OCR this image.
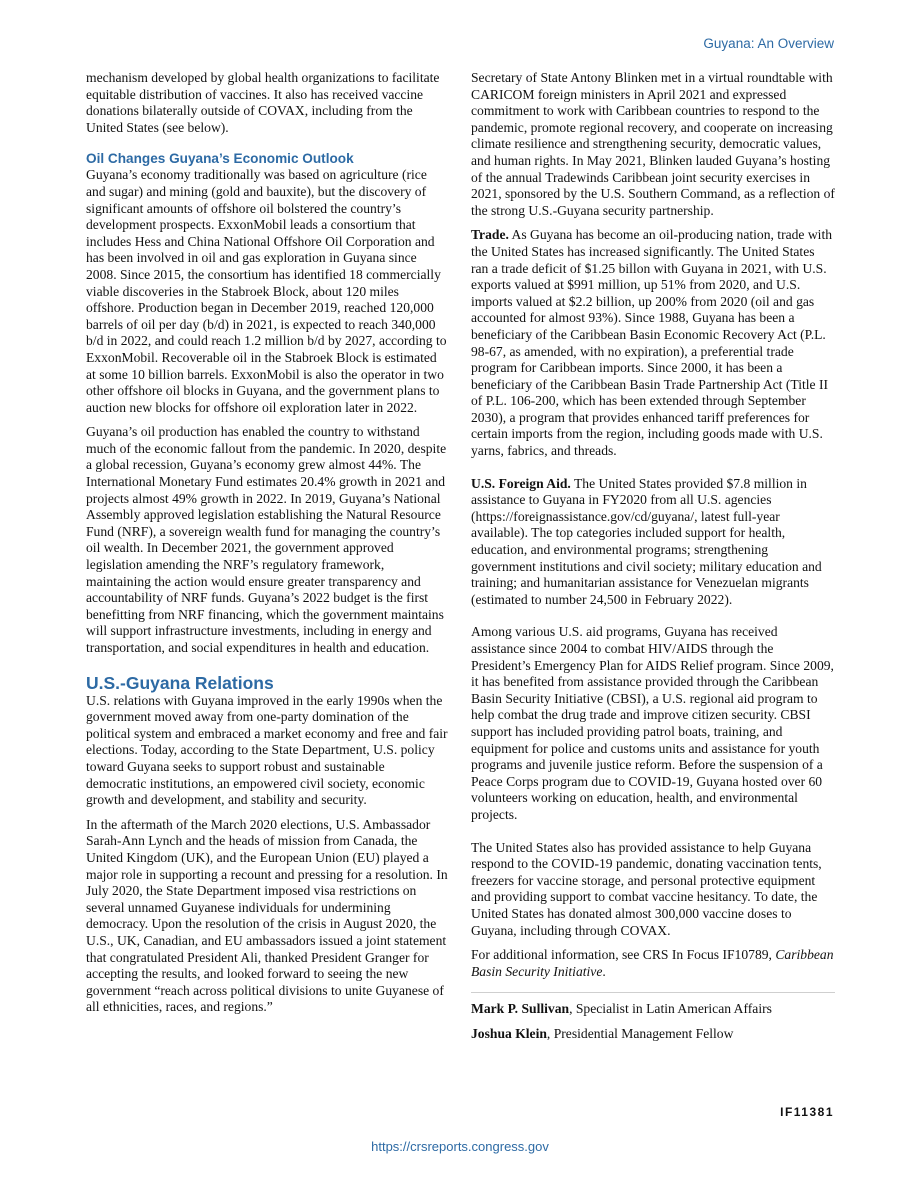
Guyana: An Overview

mechanism developed by global health organizations to facilitate equitable distribution of vaccines. It also has received vaccine donations bilaterally outside of COVAX, including from the United States (see below).

Oil Changes Guyana’s Economic Outlook

Guyana’s economy traditionally was based on agriculture (rice and sugar) and mining (gold and bauxite), but the discovery of significant amounts of offshore oil bolstered the country’s development prospects. ExxonMobil leads a consortium that includes Hess and China National Offshore Oil Corporation and has been involved in oil and gas exploration in Guyana since 2008. Since 2015, the consortium has identified 18 commercially viable discoveries in the Stabroek Block, about 120 miles offshore. Production began in December 2019, reached 120,000 barrels of oil per day (b/d) in 2021, is expected to reach 340,000 b/d in 2022, and could reach 1.2 million b/d by 2027, according to ExxonMobil. Recoverable oil in the Stabroek Block is estimated at some 10 billion barrels. ExxonMobil is also the operator in two other offshore oil blocks in Guyana, and the government plans to auction new blocks for offshore oil exploration later in 2022.

Guyana’s oil production has enabled the country to withstand much of the economic fallout from the pandemic. In 2020, despite a global recession, Guyana’s economy grew almost 44%. The International Monetary Fund estimates 20.4% growth in 2021 and projects almost 49% growth in 2022. In 2019, Guyana’s National Assembly approved legislation establishing the Natural Resource Fund (NRF), a sovereign wealth fund for managing the country’s oil wealth. In December 2021, the government approved legislation amending the NRF’s regulatory framework, maintaining the action would ensure greater transparency and accountability of NRF funds. Guyana’s 2022 budget is the first benefitting from NRF financing, which the government maintains will support infrastructure investments, including in energy and transportation, and social expenditures in health and education.

U.S.-Guyana Relations

U.S. relations with Guyana improved in the early 1990s when the government moved away from one-party domination of the political system and embraced a market economy and free and fair elections. Today, according to the State Department, U.S. policy toward Guyana seeks to support robust and sustainable democratic institutions, an empowered civil society, economic growth and development, and stability and security.

In the aftermath of the March 2020 elections, U.S. Ambassador Sarah-Ann Lynch and the heads of mission from Canada, the United Kingdom (UK), and the European Union (EU) played a major role in supporting a recount and pressing for a resolution. In July 2020, the State Department imposed visa restrictions on several unnamed Guyanese individuals for undermining democracy. Upon the resolution of the crisis in August 2020, the U.S., UK, Canadian, and EU ambassadors issued a joint statement that congratulated President Ali, thanked President Granger for accepting the results, and looked forward to seeing the new government “reach across political divisions to unite Guyanese of all ethnicities, races, and regions.”

Secretary of State Antony Blinken met in a virtual roundtable with CARICOM foreign ministers in April 2021 and expressed commitment to work with Caribbean countries to respond to the pandemic, promote regional recovery, and cooperate on increasing climate resilience and strengthening security, democratic values, and human rights. In May 2021, Blinken lauded Guyana’s hosting of the annual Tradewinds Caribbean joint security exercises in 2021, sponsored by the U.S. Southern Command, as a reflection of the strong U.S.-Guyana security partnership.

Trade. As Guyana has become an oil-producing nation, trade with the United States has increased significantly. The United States ran a trade deficit of $1.25 billon with Guyana in 2021, with U.S. exports valued at $991 million, up 51% from 2020, and U.S. imports valued at $2.2 billion, up 200% from 2020 (oil and gas accounted for almost 93%). Since 1988, Guyana has been a beneficiary of the Caribbean Basin Economic Recovery Act (P.L. 98-67, as amended, with no expiration), a preferential trade program for Caribbean imports. Since 2000, it has been a beneficiary of the Caribbean Basin Trade Partnership Act (Title II of P.L. 106-200, which has been extended through September 2030), a program that provides enhanced tariff preferences for certain imports from the region, including goods made with U.S. yarns, fabrics, and threads.

U.S. Foreign Aid. The United States provided $7.8 million in assistance to Guyana in FY2020 from all U.S. agencies (https://foreignassistance.gov/cd/guyana/, latest full-year available). The top categories included support for health, education, and environmental programs; strengthening government institutions and civil society; military education and training; and humanitarian assistance for Venezuelan migrants (estimated to number 24,500 in February 2022).

Among various U.S. aid programs, Guyana has received assistance since 2004 to combat HIV/AIDS through the President’s Emergency Plan for AIDS Relief program. Since 2009, it has benefited from assistance provided through the Caribbean Basin Security Initiative (CBSI), a U.S. regional aid program to help combat the drug trade and improve citizen security. CBSI support has included providing patrol boats, training, and equipment for police and customs units and assistance for youth programs and juvenile justice reform. Before the suspension of a Peace Corps program due to COVID-19, Guyana hosted over 60 volunteers working on education, health, and environmental projects.

The United States also has provided assistance to help Guyana respond to the COVID-19 pandemic, donating vaccination tents, freezers for vaccine storage, and personal protective equipment and providing support to combat vaccine hesitancy. To date, the United States has donated almost 300,000 vaccine doses to Guyana, including through COVAX.

For additional information, see CRS In Focus IF10789, Caribbean Basin Security Initiative.

Mark P. Sullivan, Specialist in Latin American Affairs

Joshua Klein, Presidential Management Fellow

IF11381
https://crsreports.congress.gov
